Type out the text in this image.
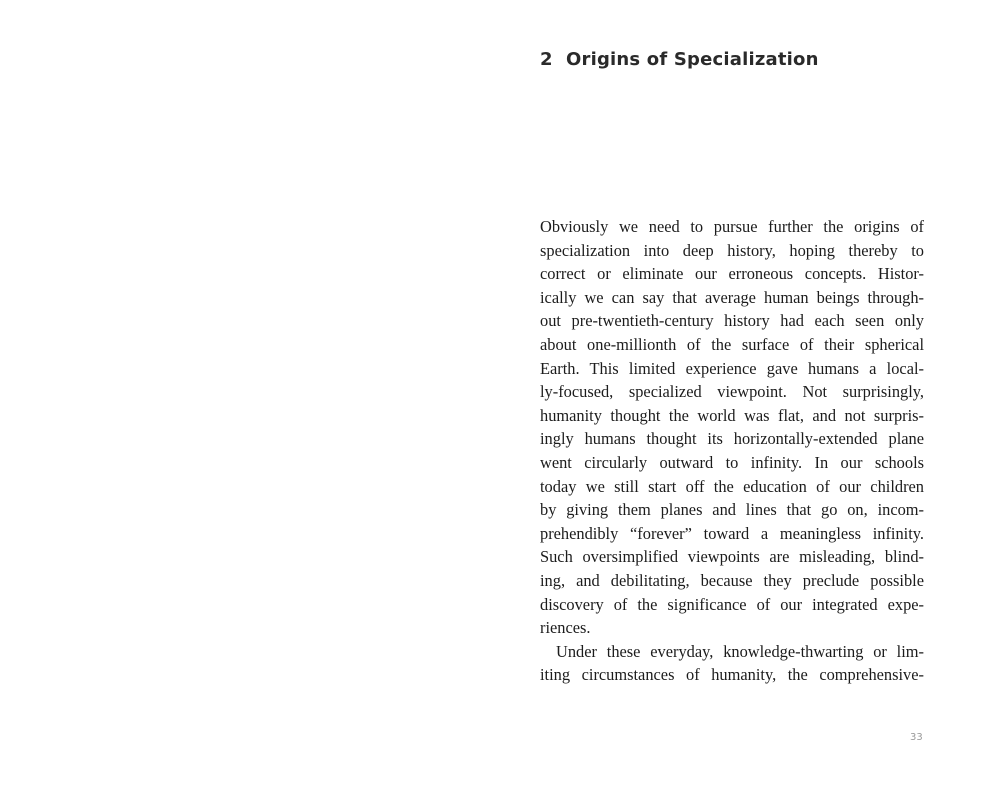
2 Origins of Specialization
Obviously we need to pursue further the origins of
specialization into deep history, hoping thereby to
correct or eliminate our erroneous concepts. Histor-
ically we can say that average human beings through-
out pre-twentieth-century history had each seen only
about one-millionth of the surface of their spherical
Earth. This limited experience gave humans a local-
ly-focused, specialized viewpoint. Not surprisingly,
humanity thought the world was flat, and not surpris-
ingly humans thought its horizontally-extended plane
went circularly outward to infinity. In our schools
today we still start off the education of our children
by giving them planes and lines that go on, incom-
prehendibly “forever” toward a meaningless infinity.
Such oversimplified viewpoints are misleading, blind-
ing, and debilitating, because they preclude possible
discovery of the significance of our integrated expe-
riences.
Under these everyday, knowledge-thwarting or lim-
iting circumstances of humanity, the comprehensive-
33
